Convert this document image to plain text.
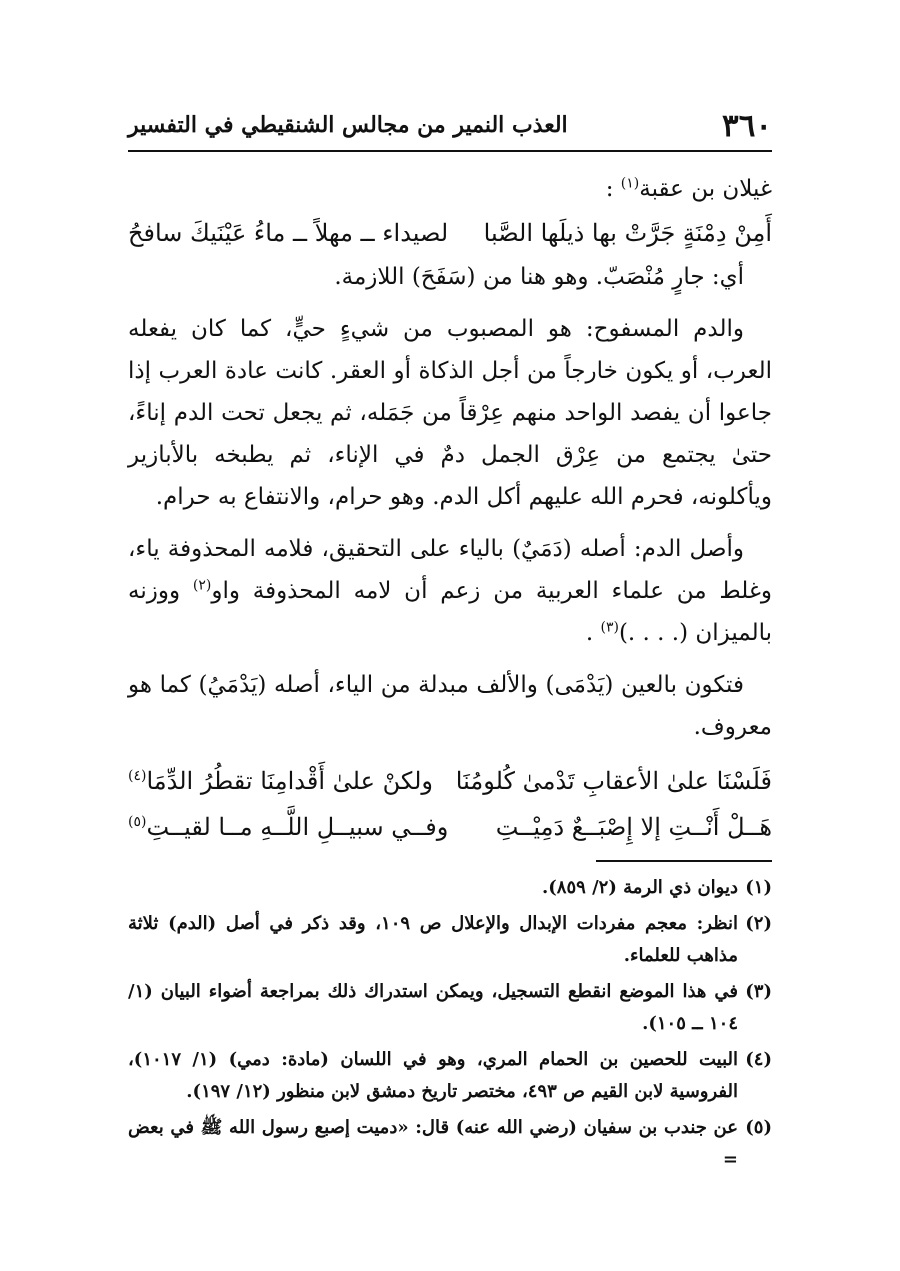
٣٦٠
العذب النمير من مجالس الشنقيطي في التفسير
غيلان بن عقبة$^{(١)}$ :
أَمِنْ دِمْنَةٍ جَرَّتْ بها ذيلَها الصَّبا
لصيداء ــ مهلاً ــ ماءُ عَيْنَيكَ سافحُ

أي: جارٍ مُنْصَبّ. وهو هنا من (سَفَحَ) اللازمة.

والدم المسفوح: هو المصبوب من شيءٍ حيٍّ، كما كان يفعله العرب، أو يكون خارجاً من أجل الذكاة أو العقر. كانت عادة العرب إذا جاعوا أن يفصد الواحد منهم عِرْقاً من جَمَله، ثم يجعل تحت الدم إناءً، حتىٰ يجتمع من عِرْق الجمل دمٌ في الإناء، ثم يطبخه بالأبازير ويأكلونه، فحرم الله عليهم أكل الدم. وهو حرام، والانتفاع به حرام.

وأصل الدم: أصله (دَمَيٌ) بالياء على التحقيق، فلامه المحذوفة ياء، وغلط من علماء العربية من زعم أن لامه المحذوفة واو$^{(٢)}$ ووزنه بالميزان (. . . .)$^{(٣)}$ .

فتكون بالعين (يَدْمَى) والألف مبدلة من الياء، أصله (يَدْمَيُ) كما هو معروف.

فَلَسْنَا علىٰ الأعقابِ تَدْمىٰ كُلومُنَا
ولكنْ علىٰ أَقْدامِنَا تقطُرُ الدِّمَا$^{(٤)}$
هَــلْ أَنْــتِ إلا إِصْبَــعٌ دَمِيْــتِ
وفــي سبيــلِ اللَّــهِ مــا لقيــتِ$^{(٥)}$
(١)
ديوان ذي الرمة (٢/ ٨٥٩).
(٢)
انظر: معجم مفردات الإبدال والإعلال ص ١٠٩، وقد ذكر في أصل (الدم) ثلاثة مذاهب للعلماء.
(٣)
في هذا الموضع انقطع التسجيل، ويمكن استدراك ذلك بمراجعة أضواء البيان (١/ ١٠٤ ــ ١٠٥).
(٤)
البيت للحصين بن الحمام المري، وهو في اللسان (مادة: دمي) (١/ ١٠١٧)، الفروسية لابن القيم ص ٤٩٣، مختصر تاريخ دمشق لابن منظور (١٢/ ١٩٧).
(٥)
عن جندب بن سفيان (رضي الله عنه) قال: «دميت إصبع رسول الله ﷺ في بعض =
